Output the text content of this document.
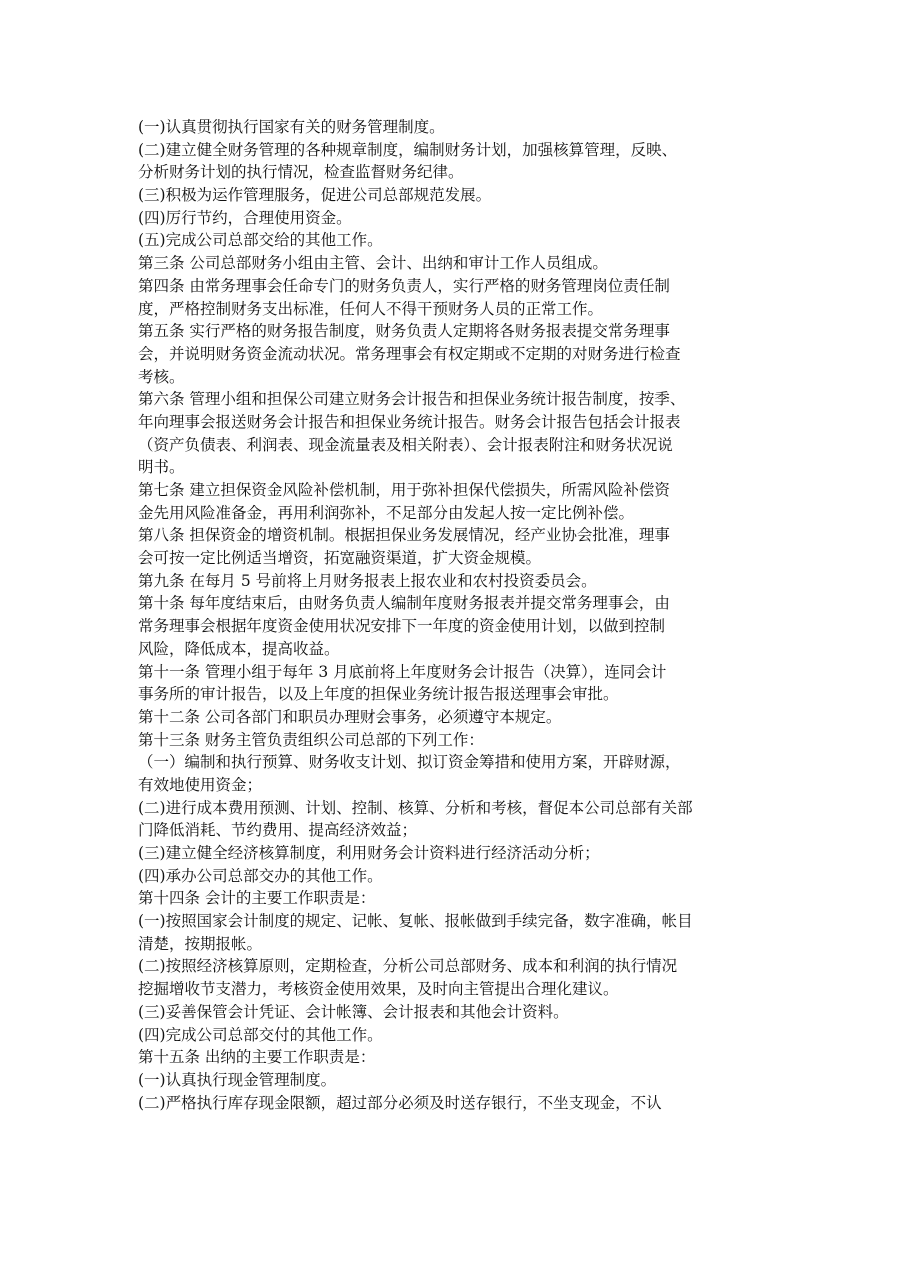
(一)认真贯彻执行国家有关的财务管理制度。
(二)建立健全财务管理的各种规章制度，编制财务计划，加强核算管理，反映、
分析财务计划的执行情况，检查监督财务纪律。
(三)积极为运作管理服务，促进公司总部规范发展。
(四)厉行节约，合理使用资金。
(五)完成公司总部交给的其他工作。
第三条 公司总部财务小组由主管、会计、出纳和审计工作人员组成。
第四条 由常务理事会任命专门的财务负责人，实行严格的财务管理岗位责任制
度，严格控制财务支出标准，任何人不得干预财务人员的正常工作。
第五条 实行严格的财务报告制度，财务负责人定期将各财务报表提交常务理事
会，并说明财务资金流动状况。常务理事会有权定期或不定期的对财务进行检查
考核。
第六条 管理小组和担保公司建立财务会计报告和担保业务统计报告制度，按季、
年向理事会报送财务会计报告和担保业务统计报告。财务会计报告包括会计报表
（资产负债表、利润表、现金流量表及相关附表）、会计报表附注和财务状况说
明书。
第七条 建立担保资金风险补偿机制，用于弥补担保代偿损失，所需风险补偿资
金先用风险准备金，再用利润弥补，不足部分由发起人按一定比例补偿。
第八条 担保资金的增资机制。根据担保业务发展情况，经产业协会批准，理事
会可按一定比例适当增资，拓宽融资渠道，扩大资金规模。
第九条 在每月 5 号前将上月财务报表上报农业和农村投资委员会。
第十条 每年度结束后，由财务负责人编制年度财务报表并提交常务理事会，由
常务理事会根据年度资金使用状况安排下一年度的资金使用计划，以做到控制
风险，降低成本，提高收益。
第十一条 管理小组于每年 3 月底前将上年度财务会计报告（决算），连同会计
事务所的审计报告，以及上年度的担保业务统计报告报送理事会审批。
第十二条 公司各部门和职员办理财会事务，必须遵守本规定。
第十三条 财务主管负责组织公司总部的下列工作：
（一）编制和执行预算、财务收支计划、拟订资金筹措和使用方案，开辟财源，
有效地使用资金；
(二)进行成本费用预测、计划、控制、核算、分析和考核，督促本公司总部有关部
门降低消耗、节约费用、提高经济效益；
(三)建立健全经济核算制度，利用财务会计资料进行经济活动分析；
(四)承办公司总部交办的其他工作。
第十四条 会计的主要工作职责是：
(一)按照国家会计制度的规定、记帐、复帐、报帐做到手续完备，数字准确，帐目
清楚，按期报帐。
(二)按照经济核算原则，定期检查，分析公司总部财务、成本和利润的执行情况
挖掘增收节支潜力，考核资金使用效果，及时向主管提出合理化建议。
(三)妥善保管会计凭证、会计帐簿、会计报表和其他会计资料。
(四)完成公司总部交付的其他工作。
第十五条 出纳的主要工作职责是：
(一)认真执行现金管理制度。
(二)严格执行库存现金限额，超过部分必须及时送存银行，不坐支现金，不认
